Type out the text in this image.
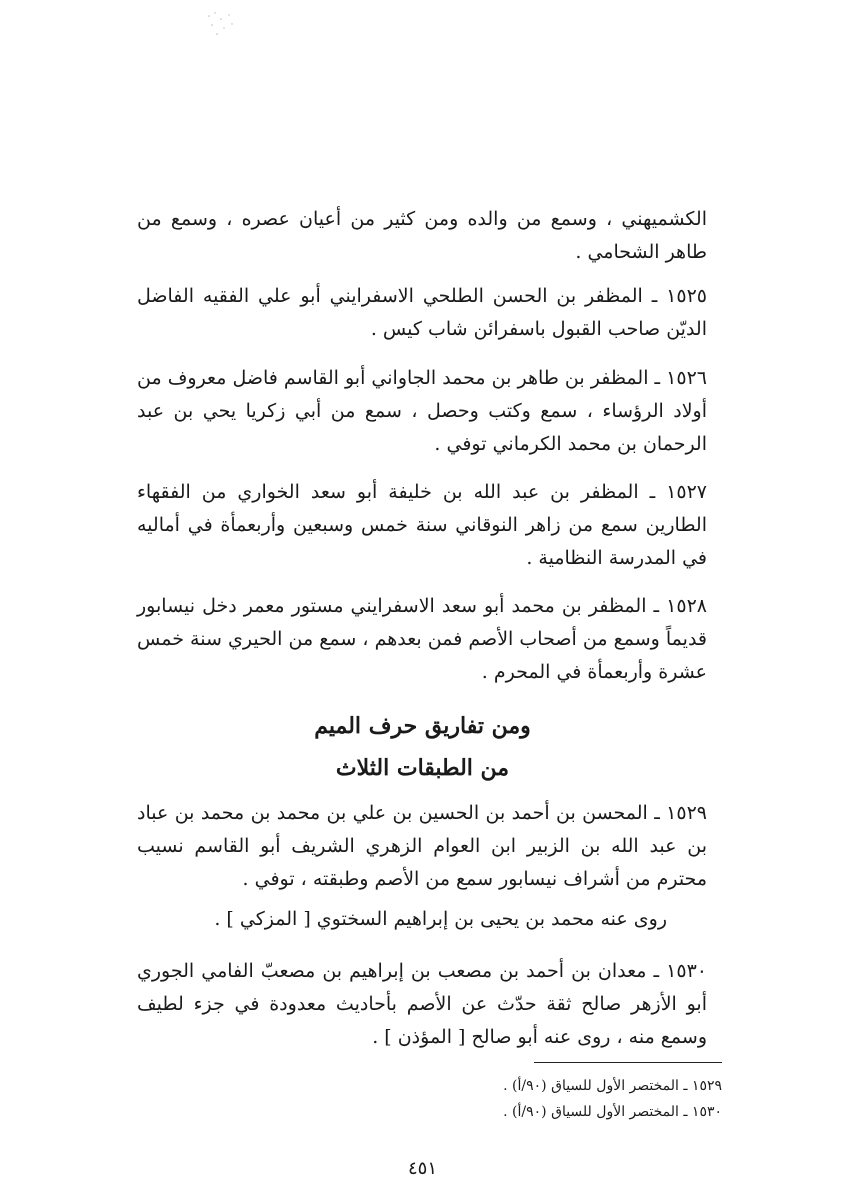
الكشميهني ، وسمع من والده ومن كثير من أعيان عصره ، وسمع من طاهر الشحامي .

١٥٢٥ ـ المظفر بن الحسن الطلحي الاسفرايني أبو علي الفقيه الفاضل الديّن صاحب القبول باسفرائن شاب كيس .

١٥٢٦ ـ المظفر بن طاهر بن محمد الجاواني أبو القاسم فاضل معروف من أولاد الرؤساء ، سمع وكتب وحصل ، سمع من أبي زكريا يحي بن عبد الرحمان بن محمد الكرماني توفي .

١٥٢٧ ـ المظفر بن عبد الله بن خليفة أبو سعد الخواري من الفقهاء الطارين سمع من زاهر النوقاني سنة خمس وسبعين وأربعمأة في أماليه في المدرسة النظامية .

١٥٢٨ ـ المظفر بن محمد أبو سعد الاسفرايني مستور معمر دخل نيسابور قديماً وسمع من أصحاب الأصم فمن بعدهم ، سمع من الحيري سنة خمس عشرة وأربعمأة في المحرم .

ومن تفاريق حرف الميم
من الطبقات الثلاث

١٥٢٩ ـ المحسن بن أحمد بن الحسين بن علي بن محمد بن محمد بن عباد بن عبد الله بن الزبير ابن العوام الزهري الشريف أبو القاسم نسيب محترم من أشراف نيسابور سمع من الأصم وطبقته ، توفي .

روى عنه محمد بن يحيى بن إبراهيم السختوي [ المزكي ] .

١٥٣٠ ـ معدان بن أحمد بن مصعب بن إبراهيم بن مصعبّ الفامي الجوري أبو الأزهر صالح ثقة حدّث عن الأصم بأحاديث معدودة في جزء لطيف وسمع منه ، روى عنه أبو صالح [ المؤذن ] .

١٥٢٩ ـ المختصر الأول للسياق (٩٠/أ) .
١٥٣٠ ـ المختصر الأول للسياق (٩٠/أ) .
٤٥١
